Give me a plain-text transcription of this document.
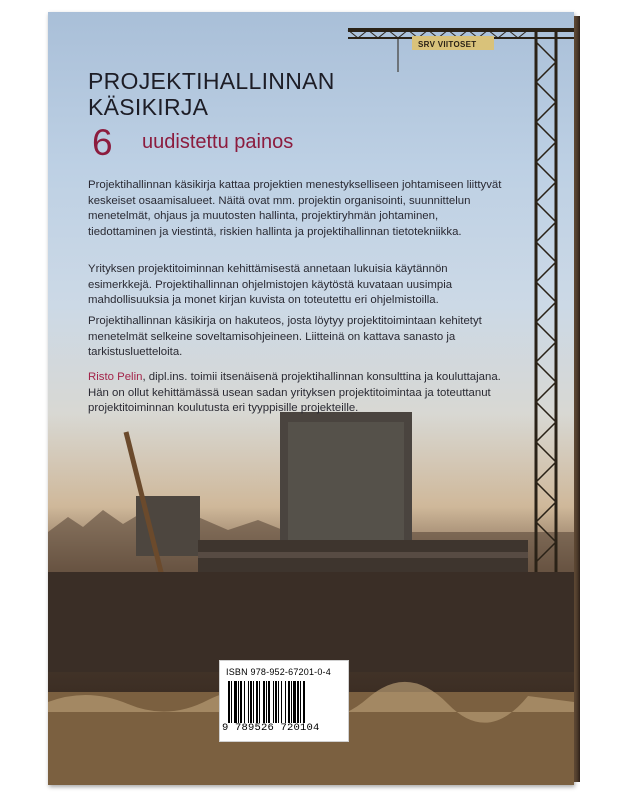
SRV VIITOSET
PROJEKTIHALLINNAN
KÄSIKIRJA
6 uudistettu painos

Projektihallinnan käsikirja kattaa projektien menestykselliseen johtamiseen liittyvät keskeiset osaamisalueet. Näitä ovat mm. projektin organisointi, suunnittelun menetelmät, ohjaus ja muutosten hallinta, projektiryhmän johtaminen, tiedottaminen ja viestintä, riskien hallinta ja projektihallinnan tietotekniikka.

Yrityksen projektitoiminnan kehittämisestä annetaan lukuisia käytännön esimerkkejä. Projektihallinnan ohjelmistojen käytöstä kuvataan uusimpia mahdollisuuksia ja monet kirjan kuvista on toteutettu eri ohjelmistoilla.

Projektihallinnan käsikirja on hakuteos, josta löytyy projektitoimintaan kehitetyt menetelmät selkeine soveltamisohjeineen. Liitteinä on kattava sanasto ja tarkistusluetteloita.

Risto Pelin, dipl.ins. toimii itsenäisenä projektihallinnan konsulttina ja kouluttajana. Hän on ollut kehittämässä usean sadan yrityksen projektitoimintaa ja toteuttanut projektitoiminnan koulutusta eri tyyppisille projekteille.

ISBN 978-952-67201-0-4
9 789526 720104
